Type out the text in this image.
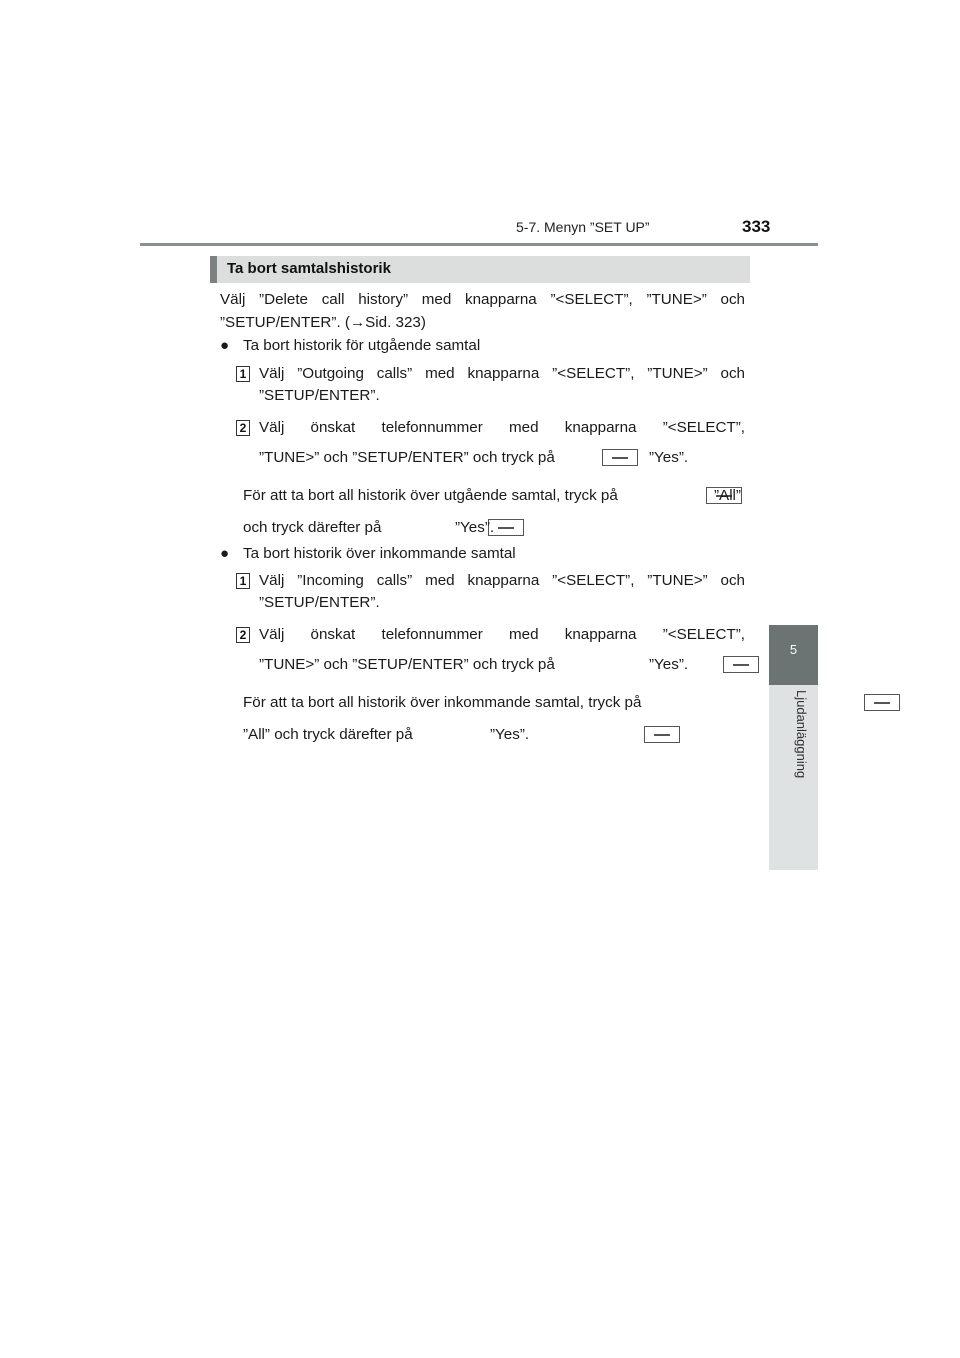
5-7. Menyn ”SET UP”	333
5
Ljudanläggning
Ta bort samtalshistorik
Välj ”Delete call history” med knapparna ”<SELECT”, ”TUNE>” och
”SETUP/ENTER”. (→Sid. 323)
● Ta bort historik för utgående samtal
1 Välj ”Outgoing calls” med knapparna ”<SELECT”, ”TUNE>” och
”SETUP/ENTER”.
2 Välj önskat telefonnummer med knapparna ”<SELECT”,
”TUNE>” och ”SETUP/ENTER” och tryck på
	”Yes”.
För att ta bort all historik över utgående samtal, tryck på
	”All”
och tryck därefter på
	”Yes”.
● Ta bort historik över inkommande samtal
1 Välj ”Incoming calls” med knapparna ”<SELECT”, ”TUNE>” och
”SETUP/ENTER”.
2 Välj önskat telefonnummer med knapparna ”<SELECT”,
”TUNE>” och ”SETUP/ENTER” och tryck på
	”Yes”.
För att ta bort all historik över inkommande samtal, tryck på

”All” och tryck därefter på	”Yes”.
